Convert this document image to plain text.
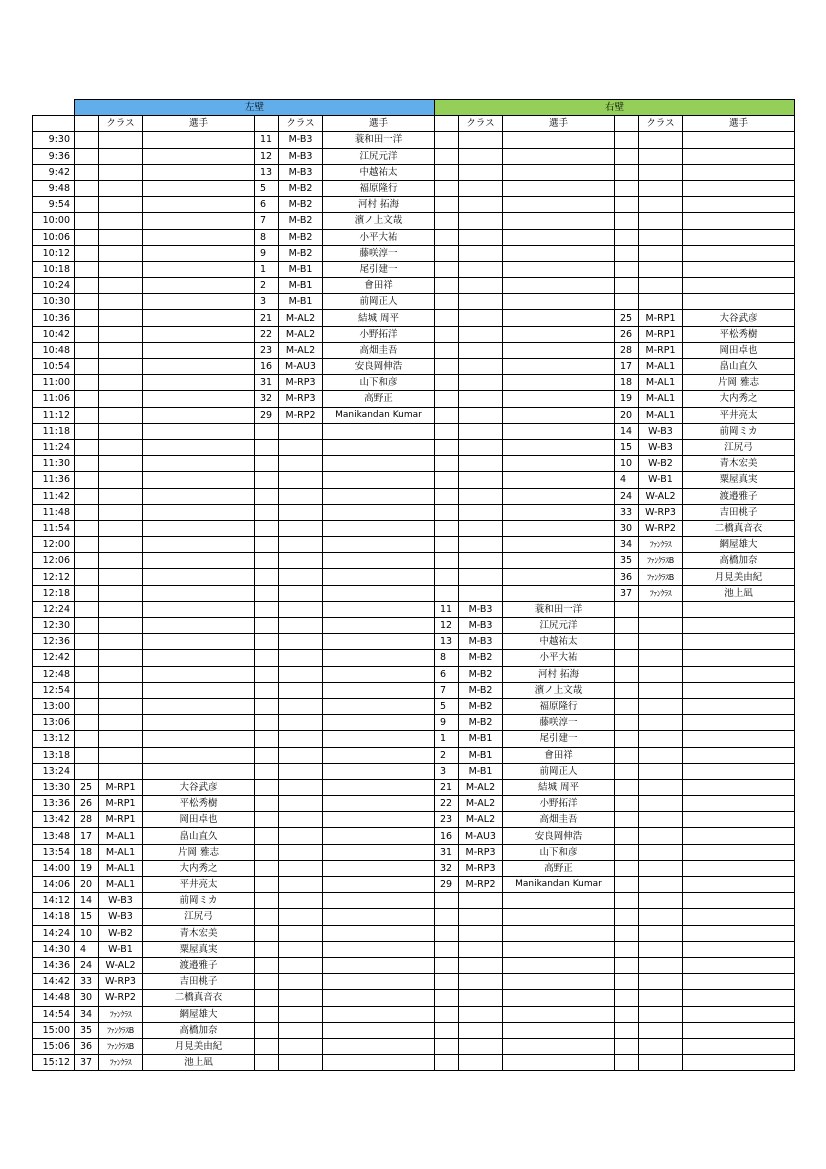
	左壁						右壁					
		クラス	選手		クラス	選手		クラス	選手		クラス	選手
9:30				11	M-B3	蓑和田一洋						
9:36				12	M-B3	江尻元洋						
9:42				13	M-B3	中越祐太						
9:48				5	M-B2	福原隆行						
9:54				6	M-B2	河村 拓海						
10:00				7	M-B2	濱ノ上文哉						
10:06				8	M-B2	小平大祐						
10:12				9	M-B2	藤咲淳一						
10:18				1	M-B1	尾引建一						
10:24				2	M-B1	會田祥						
10:30				3	M-B1	前岡正人						
10:36				21	M-AL2	結城 周平				25	M-RP1	大谷武彦
10:42				22	M-AL2	小野拓洋				26	M-RP1	平松秀樹
10:48				23	M-AL2	高畑圭吾				28	M-RP1	岡田卓也
10:54				16	M-AU3	安良岡伸浩				17	M-AL1	畠山直久
11:00				31	M-RP3	山下和彦				18	M-AL1	片岡 雅志
11:06				32	M-RP3	高野正				19	M-AL1	大内秀之
11:12				29	M-RP2	Manikandan Kumar				20	M-AL1	平井亮太
11:18										14	W-B3	前岡ミカ
11:24										15	W-B3	江尻弓
11:30										10	W-B2	青木宏美
11:36										4	W-B1	粟屋真実
11:42										24	W-AL2	渡邉雅子
11:48										33	W-RP3	吉田桃子
11:54										30	W-RP2	二橋真音衣
12:00										34	ﾌｧﾝｸﾗｽ	網屋雄大
12:06										35	ﾌｧﾝｸﾗｽB	高橋加奈
12:12										36	ﾌｧﾝｸﾗｽB	月見美由紀
12:18										37	ﾌｧﾝｸﾗｽ	池上凪
12:24							11	M-B3	蓑和田一洋			
12:30							12	M-B3	江尻元洋			
12:36							13	M-B3	中越祐太			
12:42							8	M-B2	小平大祐			
12:48							6	M-B2	河村 拓海			
12:54							7	M-B2	濱ノ上文哉			
13:00							5	M-B2	福原隆行			
13:06							9	M-B2	藤咲淳一			
13:12							1	M-B1	尾引建一			
13:18							2	M-B1	會田祥			
13:24							3	M-B1	前岡正人			
13:30	25	M-RP1	大谷武彦				21	M-AL2	結城 周平			
13:36	26	M-RP1	平松秀樹				22	M-AL2	小野拓洋			
13:42	28	M-RP1	岡田卓也				23	M-AL2	高畑圭吾			
13:48	17	M-AL1	畠山直久				16	M-AU3	安良岡伸浩			
13:54	18	M-AL1	片岡 雅志				31	M-RP3	山下和彦			
14:00	19	M-AL1	大内秀之				32	M-RP3	高野正			
14:06	20	M-AL1	平井亮太				29	M-RP2	Manikandan Kumar			
14:12	14	W-B3	前岡ミカ									
14:18	15	W-B3	江尻弓									
14:24	10	W-B2	青木宏美									
14:30	4	W-B1	粟屋真実									
14:36	24	W-AL2	渡邉雅子									
14:42	33	W-RP3	吉田桃子									
14:48	30	W-RP2	二橋真音衣									
14:54	34	ﾌｧﾝｸﾗｽ	網屋雄大									
15:00	35	ﾌｧﾝｸﾗｽB	高橋加奈									
15:06	36	ﾌｧﾝｸﾗｽB	月見美由紀									
15:12	37	ﾌｧﾝｸﾗｽ	池上凪									
